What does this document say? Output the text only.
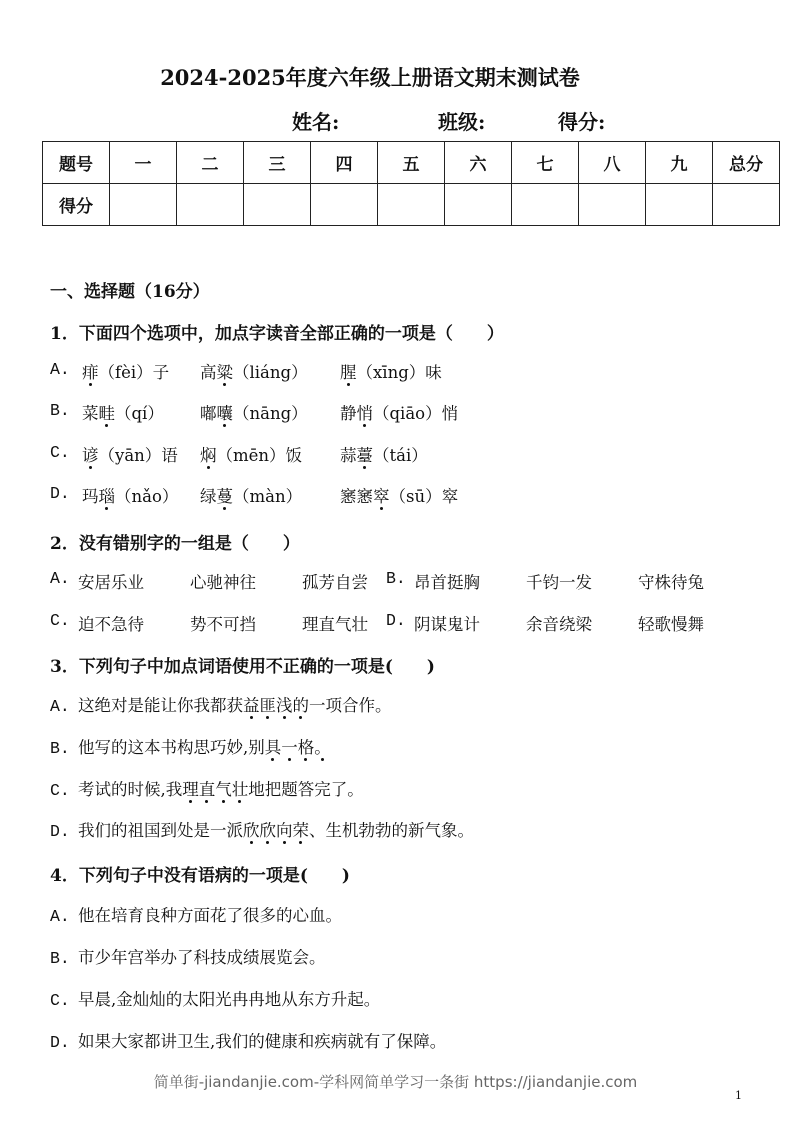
2024-2025年度六年级上册语文期末测试卷
姓名:	班级:	得分:
题号	一	二	三	四	五	六	七	八	九	总分
得分										
一、选择题（16分）
1．下面四个选项中，加点字读音全部正确的一项是（　　）
A. 痱（fèi）子 高粱（liáng） 腥（xīng）味
B. 菜畦（qí） 嘟囔（nāng） 静悄（qiāo）悄
C. 谚（yān）语 焖（mēn）饭 蒜薹（tái）
D. 玛瑙（nǎo） 绿蔓（màn） 窸窸窣（sū）窣
2．没有错别字的一组是（　　）
A. 安居乐业	心驰神往	孤芳自尝 B. 昂首挺胸	千钧一发	守株待兔
C. 迫不急待	势不可挡	理直气壮 D. 阴谋鬼计	余音绕梁	轻歌慢舞
3．下列句子中加点词语使用不正确的一项是(　　)
A. 这绝对是能让你我都获益匪浅的一项合作。
B. 他写的这本书构思巧妙,别具一格。
C. 考试的时候,我理直气壮地把题答完了。
D. 我们的祖国到处是一派欣欣向荣、生机勃勃的新气象。
4．下列句子中没有语病的一项是(　　)
A. 他在培育良种方面花了很多的心血。
B. 市少年宫举办了科技成绩展览会。
C. 早晨,金灿灿的太阳光冉冉地从东方升起。
D. 如果大家都讲卫生,我们的健康和疾病就有了保障。
简单街-jiandanjie.com-学科网简单学习一条街 https://jiandanjie.com
1
